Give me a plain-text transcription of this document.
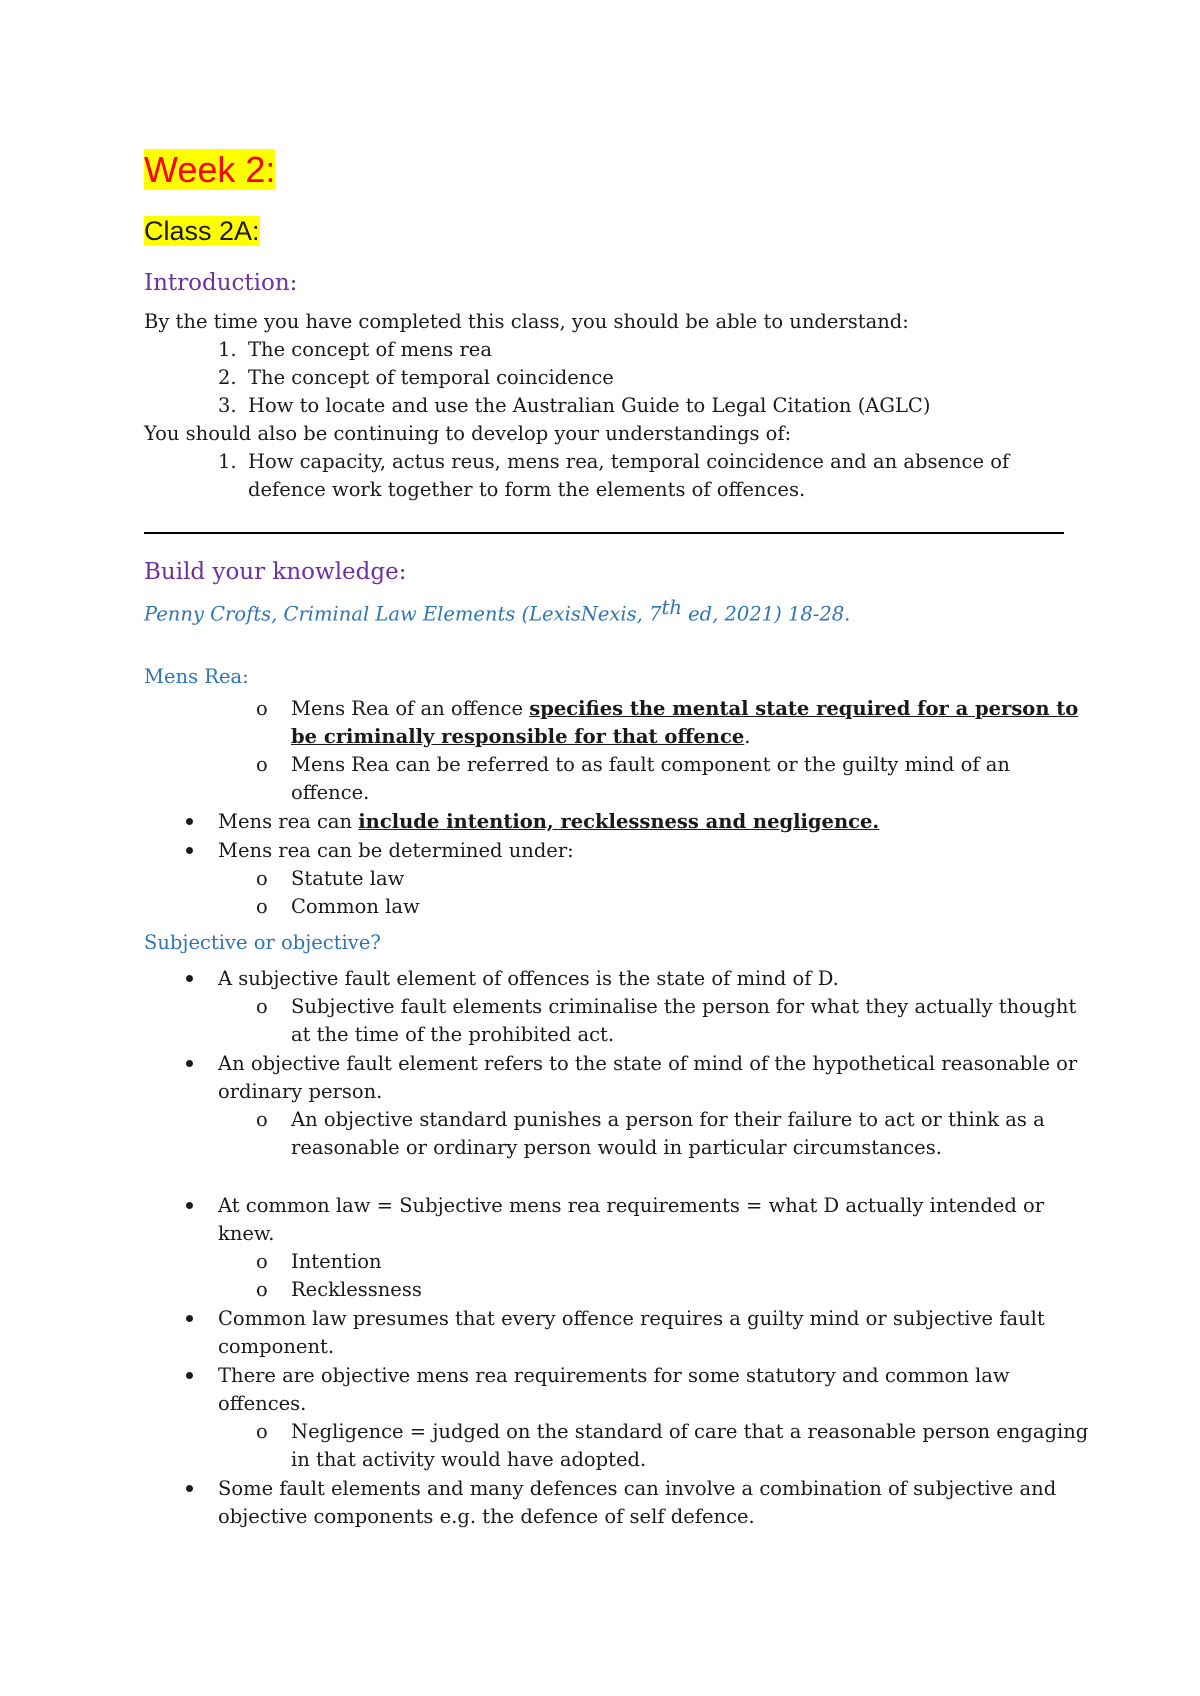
Week 2:
Class 2A:
Introduction:
By the time you have completed this class, you should be able to understand:
1. The concept of mens rea
2. The concept of temporal coincidence
3. How to locate and use the Australian Guide to Legal Citation (AGLC)
You should also be continuing to develop your understandings of:
1. How capacity, actus reus, mens rea, temporal coincidence and an absence of
defence work together to form the elements of offences.
Build your knowledge:
Penny Crofts, Criminal Law Elements (LexisNexis, 7th ed, 2021) 18-28.
Mens Rea:
o Mens Rea of an offence specifies the mental state required for a person to
be criminally responsible for that offence.
o Mens Rea can be referred to as fault component or the guilty mind of an
offence.
Mens rea can include intention, recklessness and negligence.
Mens rea can be determined under:
o Statute law
o Common law
Subjective or objective?
A subjective fault element of offences is the state of mind of D.
o Subjective fault elements criminalise the person for what they actually thought
at the time of the prohibited act.
An objective fault element refers to the state of mind of the hypothetical reasonable or
ordinary person.
o An objective standard punishes a person for their failure to act or think as a
reasonable or ordinary person would in particular circumstances.
At common law = Subjective mens rea requirements = what D actually intended or
knew.
o Intention
o Recklessness
Common law presumes that every offence requires a guilty mind or subjective fault
component.
There are objective mens rea requirements for some statutory and common law
offences.
o Negligence = judged on the standard of care that a reasonable person engaging
in that activity would have adopted.
Some fault elements and many defences can involve a combination of subjective and
objective components e.g. the defence of self defence.
